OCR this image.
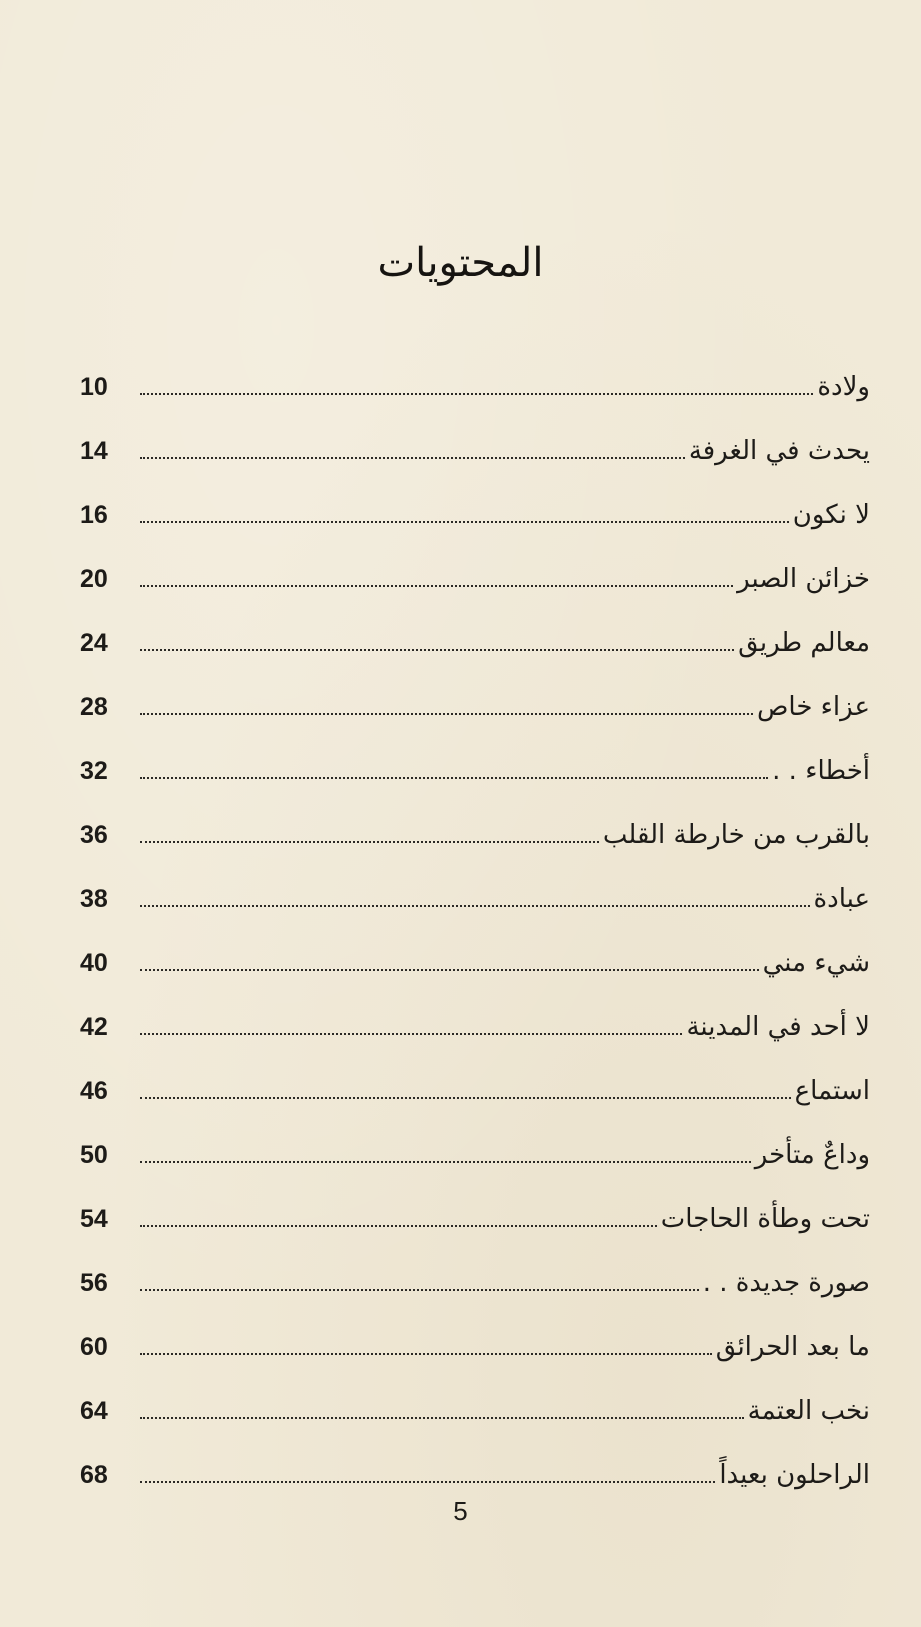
المحتويات
ولادة
10
يحدث في الغرفة
14
لا نكون
16
خزائن الصبر
20
معالم طريق
24
عزاء خاص
28
أخطاء . .
32
بالقرب من خارطة القلب
36
عبادة
38
شيء مني
40
لا أحد في المدينة
42
استماع
46
وداعٌ متأخر
50
تحت وطأة الحاجات
54
صورة جديدة . .
56
ما بعد الحرائق
60
نخب العتمة
64
الراحلون بعيداً
68
5
